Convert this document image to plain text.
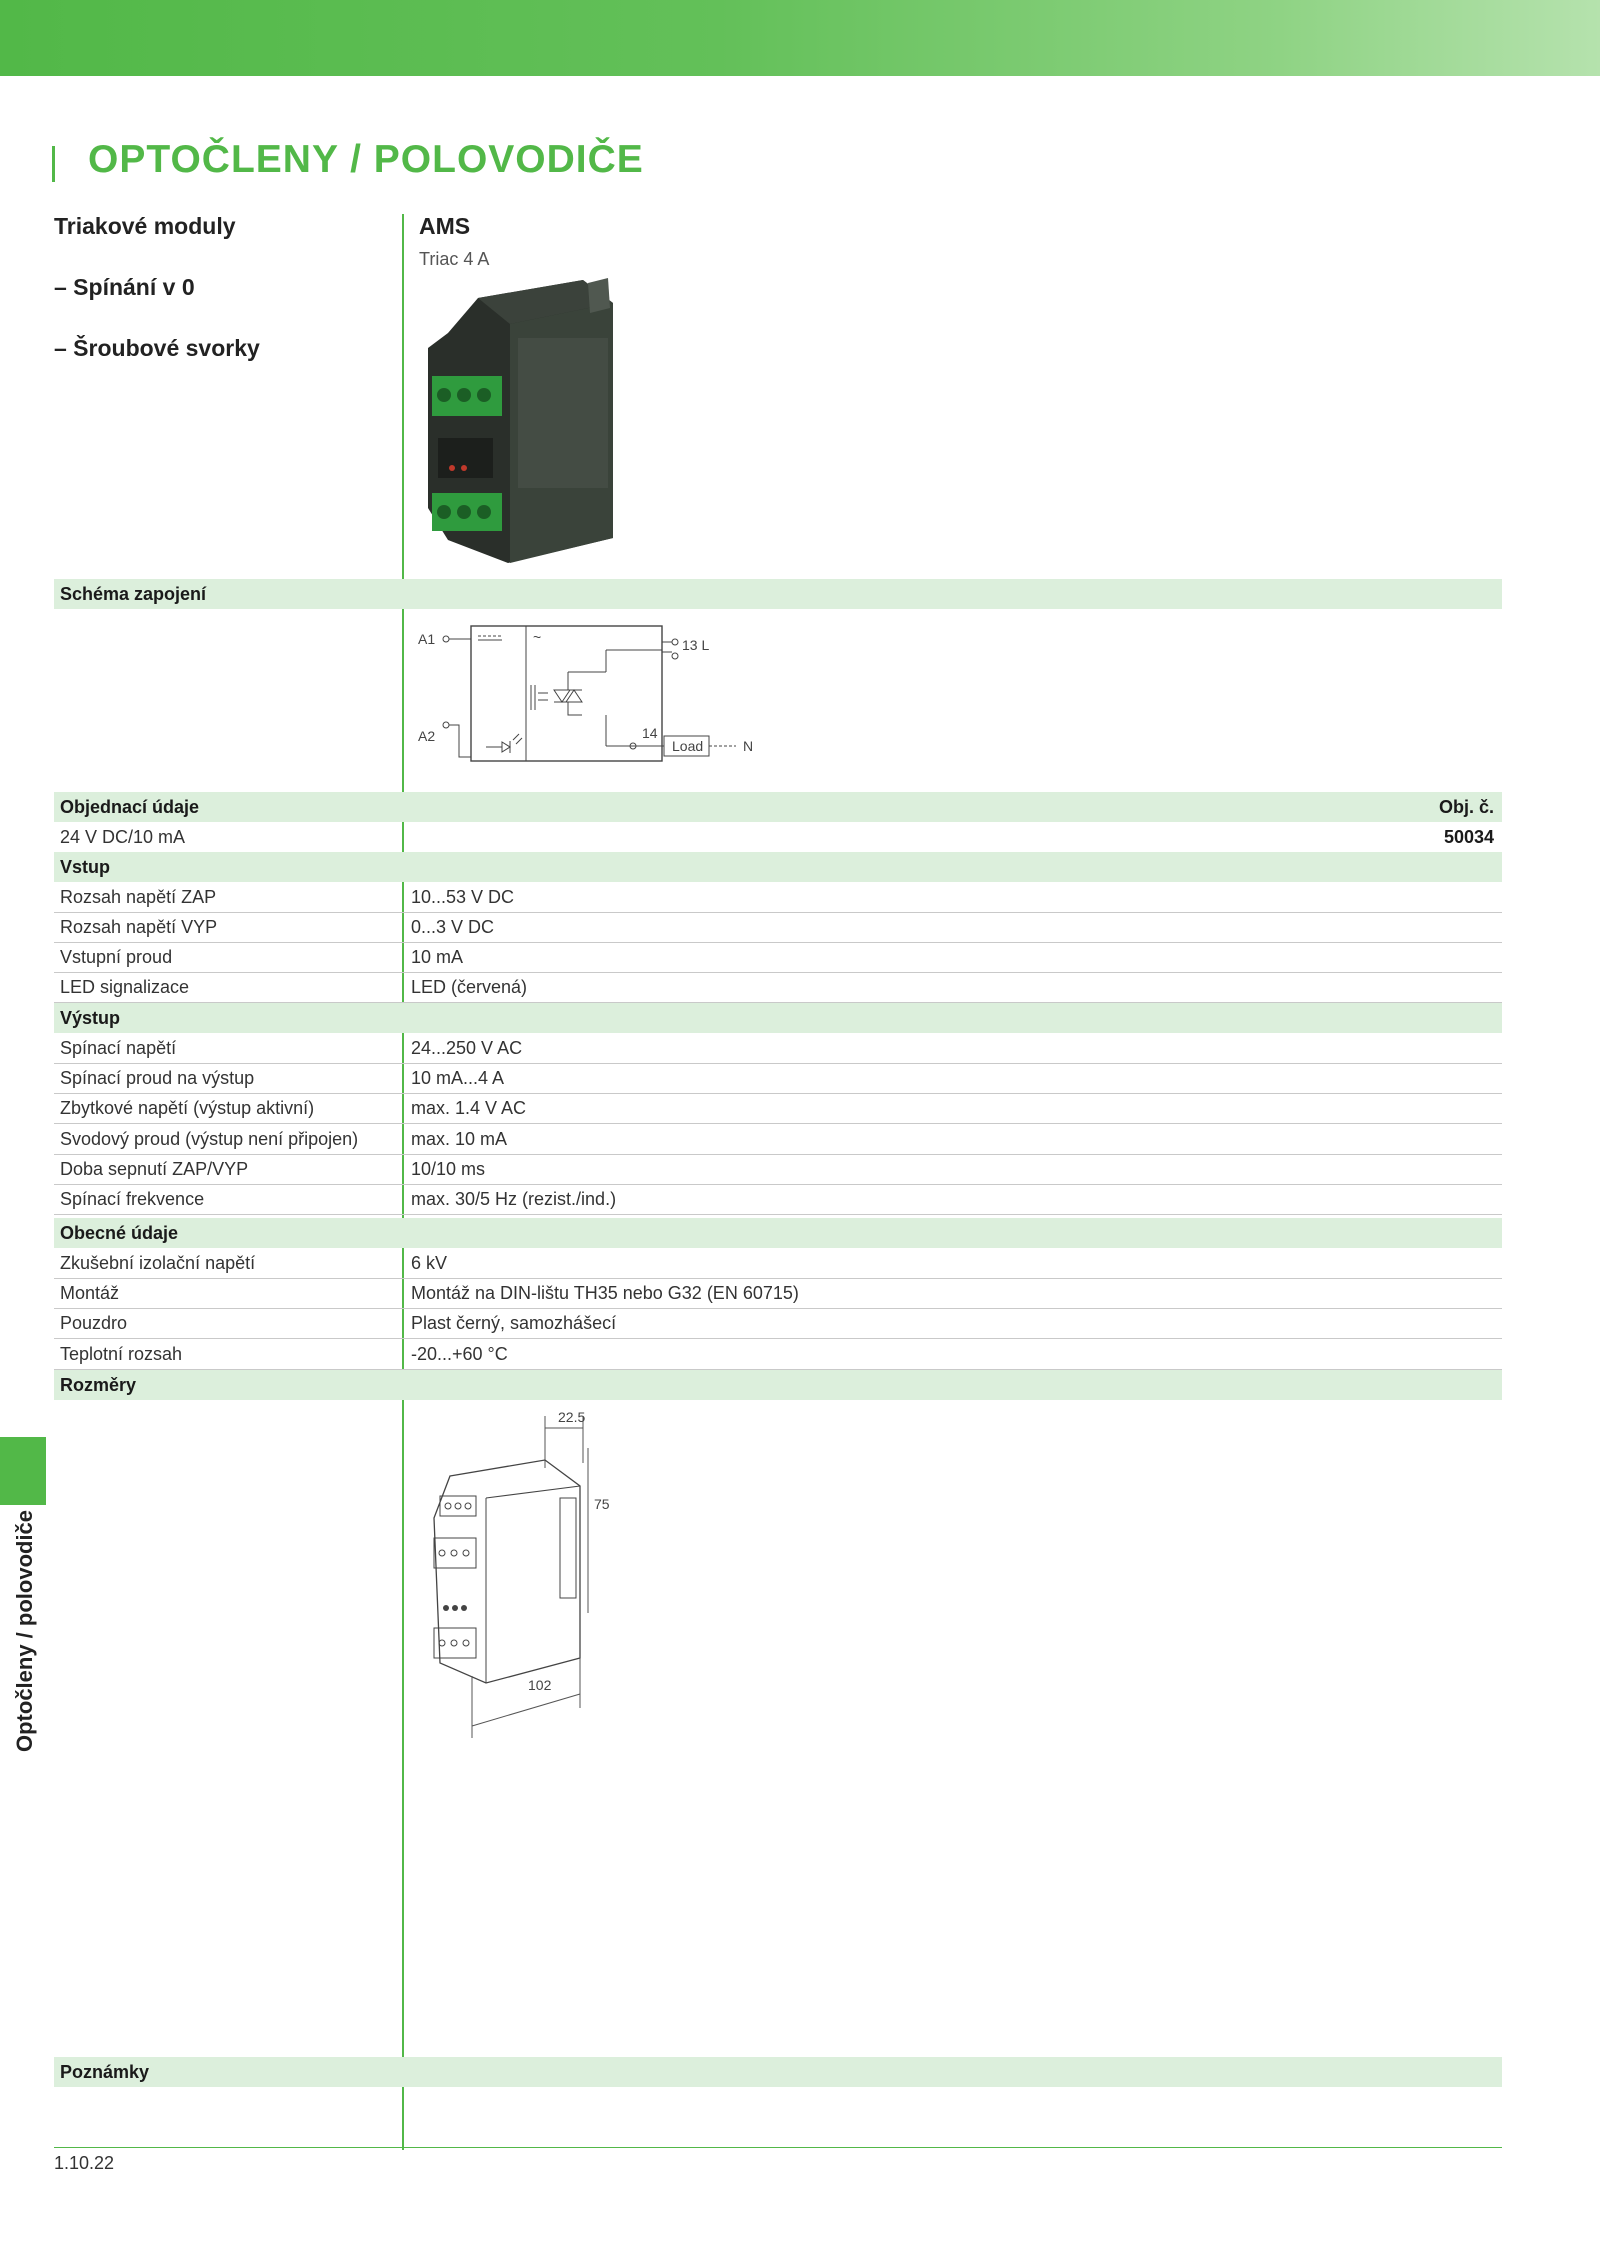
OPTOČLENY / POLOVODIČE
Triakové moduly
– Spínání v 0
– Šroubové svorky
AMS
Triac 4 A
Schéma zapojení
A1
A2
~	13 L
14
Load	N
Objednací údaje	Obj. č.
24 V DC/10 mA	50034
Vstup
Rozsah napětí ZAP	10...53 V DC
Rozsah napětí VYP	0...3 V DC
Vstupní proud	10 mA
LED signalizace	LED (červená)
Výstup
Spínací napětí	24...250 V AC
Spínací proud na výstup	10 mA...4 A
Zbytkové napětí (výstup aktivní)	max. 1.4 V AC
Svodový proud (výstup není připojen)	max. 10 mA
Doba sepnutí ZAP/VYP	10/10 ms
Spínací frekvence	max. 30/5 Hz (rezist./ind.)
Obecné údaje
Zkušební izolační napětí	6 kV
Montáž	Montáž na DIN-lištu TH35 nebo G32 (EN 60715)
Pouzdro	Plast černý, samozhášecí
Teplotní rozsah	-20...+60 °C
Rozměry
22.5
75
102
Poznámky
Optočleny / polovodiče
1.10.22
